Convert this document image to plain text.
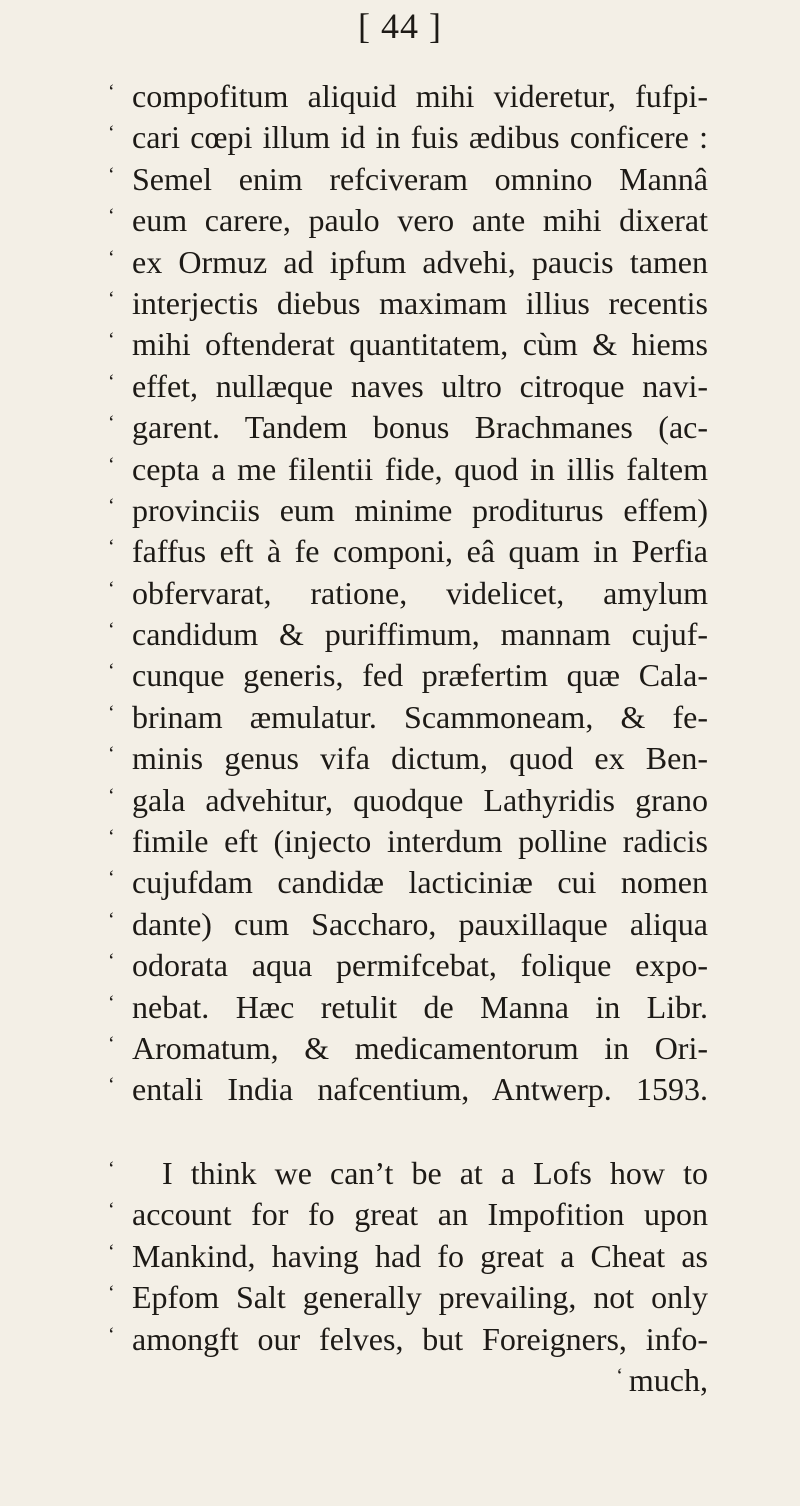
[ 44 ]
‘ compofitum aliquid mihi videretur, fufpi-
‘ cari cœpi illum id in fuis ædibus conficere :
‘ Semel enim refciveram omnino Mannâ
‘ eum carere, paulo vero ante mihi dixerat
‘ ex Ormuz ad ipfum advehi, paucis tamen
‘ interjectis diebus maximam illius recentis
‘ mihi oftenderat quantitatem, cùm & hiems
‘ effet, nullæque naves ultro citroque navi-
‘ garent. Tandem bonus Brachmanes (ac-
‘ cepta a me filentii fide, quod in illis faltem
‘ provinciis eum minime proditurus effem)
‘ faffus eft à fe componi, eâ quam in Perfia
‘ obfervarat, ratione, videlicet, amylum
‘ candidum & puriffimum, mannam cujuf-
‘ cunque generis, fed præfertim quæ Cala-
‘ brinam æmulatur. Scammoneam, & fe-
‘ minis genus vifa dictum, quod ex Ben-
‘ gala advehitur, quodque Lathyridis grano
‘ fimile eft (injecto interdum polline radicis
‘ cujufdam candidæ lacticiniæ cui nomen
‘ dante) cum Saccharo, pauxillaque aliqua
‘ odorata aqua permifcebat, folique expo-
‘ nebat. Hæc retulit de Manna in Libr.
‘ Aromatum, & medicamentorum in Ori-
‘ entali India nafcentium, Antwerp. 1593.
‘	I think we can’t be at a Lofs how to
‘ account for fo great an Impofition upon
‘ Mankind, having had fo great a Cheat as
‘ Epfom Salt generally prevailing, not only
‘ amongft our felves, but Foreigners, info-
‘ much,
